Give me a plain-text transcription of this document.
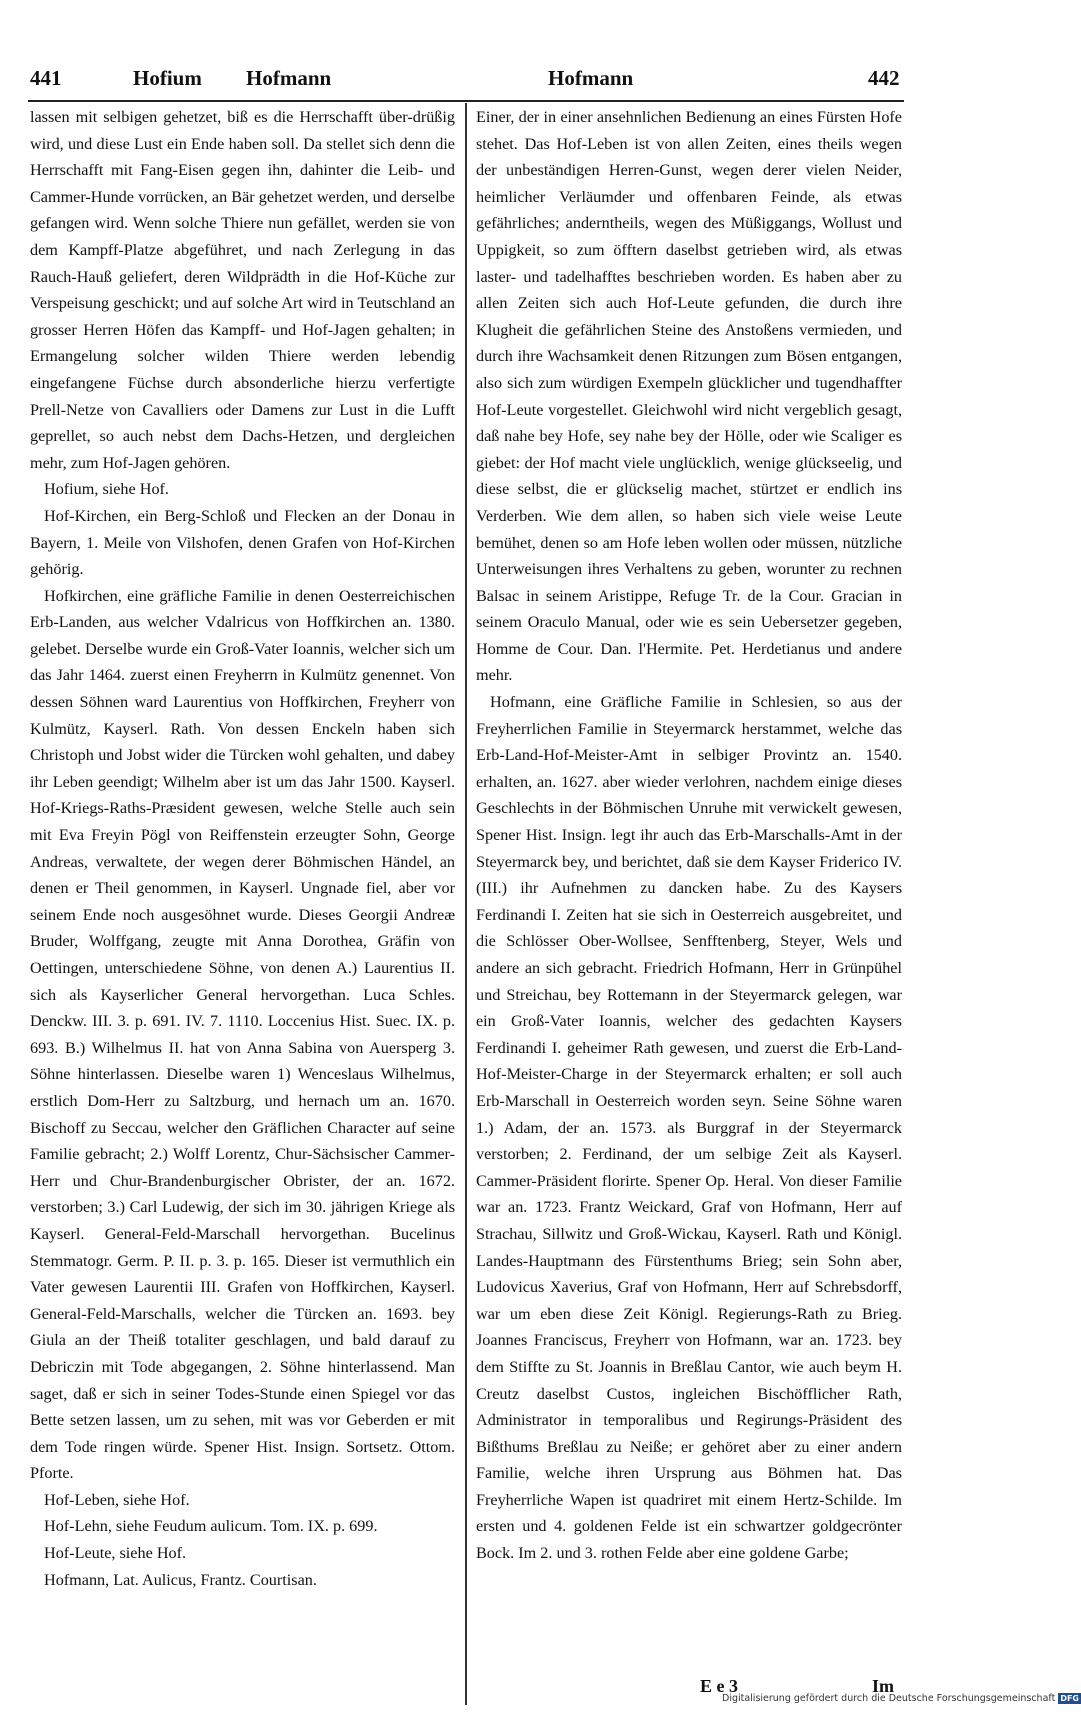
441	Hofium Hofmann	Hofmann	442

lassen mit selbigen gehetzet, biß es die Herrschafft über-drüßig wird, und diese Lust ein Ende haben soll. Da stellet sich denn die Herrschafft mit Fang-Eisen gegen ihn, dahinter die Leib- und Cammer-Hunde vorrücken, an Bär gehetzet werden, und derselbe gefangen wird. Wenn solche Thiere nun gefället, werden sie von dem Kampff-Platze abgeführet, und nach Zerlegung in das Rauch-Hauß geliefert, deren Wildprädth in die Hof-Küche zur Verspeisung geschickt; und auf solche Art wird in Teutschland an grosser Herren Höfen das Kampff- und Hof-Jagen gehalten; in Ermangelung solcher wilden Thiere werden lebendig eingefangene Füchse durch absonderliche hierzu verfertigte Prell-Netze von Cavalliers oder Damens zur Lust in die Lufft geprellet, so auch nebst dem Dachs-Hetzen, und dergleichen mehr, zum Hof-Jagen gehören.

Hofium, siehe Hof.

Hof-Kirchen, ein Berg-Schloß und Flecken an der Donau in Bayern, 1. Meile von Vilshofen, denen Grafen von Hof-Kirchen gehörig.

Hofkirchen, eine gräfliche Familie in denen Oesterreichischen Erb-Landen, aus welcher Vdalricus von Hoffkirchen an. 1380. gelebet. Derselbe wurde ein Groß-Vater Ioannis, welcher sich um das Jahr 1464. zuerst einen Freyherrn in Kulmütz genennet. Von dessen Söhnen ward Laurentius von Hoffkirchen, Freyherr von Kulmütz, Kayserl. Rath. Von dessen Enckeln haben sich Christoph und Jobst wider die Türcken wohl gehalten, und dabey ihr Leben geendigt; Wilhelm aber ist um das Jahr 1500. Kayserl. Hof-Kriegs-Raths-Præsident gewesen, welche Stelle auch sein mit Eva Freyin Pögl von Reiffenstein erzeugter Sohn, George Andreas, verwaltete, der wegen derer Böhmischen Händel, an denen er Theil genommen, in Kayserl. Ungnade fiel, aber vor seinem Ende noch ausgesöhnet wurde. Dieses Georgii Andreæ Bruder, Wolffgang, zeugte mit Anna Dorothea, Gräfin von Oettingen, unterschiedene Söhne, von denen A.) Laurentius II. sich als Kayserlicher General hervorgethan. Luca Schles. Denckw. III. 3. p. 691. IV. 7. 1110. Loccenius Hist. Suec. IX. p. 693. B.) Wilhelmus II. hat von Anna Sabina von Auersperg 3. Söhne hinterlassen. Dieselbe waren 1) Wenceslaus Wilhelmus, erstlich Dom-Herr zu Saltzburg, und hernach um an. 1670. Bischoff zu Seccau, welcher den Gräflichen Character auf seine Familie gebracht; 2.) Wolff Lorentz, Chur-Sächsischer Cammer-Herr und Chur-Brandenburgischer Obrister, der an. 1672. verstorben; 3.) Carl Ludewig, der sich im 30. jährigen Kriege als Kayserl. General-Feld-Marschall hervorgethan. Bucelinus Stemmatogr. Germ. P. II. p. 3. p. 165. Dieser ist vermuthlich ein Vater gewesen Laurentii III. Grafen von Hoffkirchen, Kayserl. General-Feld-Marschalls, welcher die Türcken an. 1693. bey Giula an der Theiß totaliter geschlagen, und bald darauf zu Debriczin mit Tode abgegangen, 2. Söhne hinterlassend. Man saget, daß er sich in seiner Todes-Stunde einen Spiegel vor das Bette setzen lassen, um zu sehen, mit was vor Geberden er mit dem Tode ringen würde. Spener Hist. Insign. Sortsetz. Ottom. Pforte.

Hof-Leben, siehe Hof.

Hof-Lehn, siehe Feudum aulicum. Tom. IX. p. 699.

Hof-Leute, siehe Hof.

Hofmann, Lat. Aulicus, Frantz. Courtisan.

Einer, der in einer ansehnlichen Bedienung an eines Fürsten Hofe stehet. Das Hof-Leben ist von allen Zeiten, eines theils wegen der unbeständigen Herren-Gunst, wegen derer vielen Neider, heimlicher Verläumder und offenbaren Feinde, als etwas gefährliches; anderntheils, wegen des Müßiggangs, Wollust und Uppigkeit, so zum öfftern daselbst getrieben wird, als etwas laster- und tadelhafftes beschrieben worden. Es haben aber zu allen Zeiten sich auch Hof-Leute gefunden, die durch ihre Klugheit die gefährlichen Steine des Anstoßens vermieden, und durch ihre Wachsamkeit denen Ritzungen zum Bösen entgangen, also sich zum würdigen Exempeln glücklicher und tugendhaffter Hof-Leute vorgestellet. Gleichwohl wird nicht vergeblich gesagt, daß nahe bey Hofe, sey nahe bey der Hölle, oder wie Scaliger es giebet: der Hof macht viele unglücklich, wenige glückseelig, und diese selbst, die er glückselig machet, stürtzet er endlich ins Verderben. Wie dem allen, so haben sich viele weise Leute bemühet, denen so am Hofe leben wollen oder müssen, nützliche Unterweisungen ihres Verhaltens zu geben, worunter zu rechnen Balsac in seinem Aristippe, Refuge Tr. de la Cour. Gracian in seinem Oraculo Manual, oder wie es sein Uebersetzer gegeben, Homme de Cour. Dan. l'Hermite. Pet. Herdetianus und andere mehr.

Hofmann, eine Gräfliche Familie in Schlesien, so aus der Freyherrlichen Familie in Steyermarck herstammet, welche das Erb-Land-Hof-Meister-Amt in selbiger Provintz an. 1540. erhalten, an. 1627. aber wieder verlohren, nachdem einige dieses Geschlechts in der Böhmischen Unruhe mit verwickelt gewesen, Spener Hist. Insign. legt ihr auch das Erb-Marschalls-Amt in der Steyermarck bey, und berichtet, daß sie dem Kayser Friderico IV. (III.) ihr Aufnehmen zu dancken habe. Zu des Kaysers Ferdinandi I. Zeiten hat sie sich in Oesterreich ausgebreitet, und die Schlösser Ober-Wollsee, Senfftenberg, Steyer, Wels und andere an sich gebracht. Friedrich Hofmann, Herr in Grünpühel und Streichau, bey Rottemann in der Steyermarck gelegen, war ein Groß-Vater Ioannis, welcher des gedachten Kaysers Ferdinandi I. geheimer Rath gewesen, und zuerst die Erb-Land-Hof-Meister-Charge in der Steyermarck erhalten; er soll auch Erb-Marschall in Oesterreich worden seyn. Seine Söhne waren 1.) Adam, der an. 1573. als Burggraf in der Steyermarck verstorben; 2. Ferdinand, der um selbige Zeit als Kayserl. Cammer-Präsident florirte. Spener Op. Heral. Von dieser Familie war an. 1723. Frantz Weickard, Graf von Hofmann, Herr auf Strachau, Sillwitz und Groß-Wickau, Kayserl. Rath und Königl. Landes-Hauptmann des Fürstenthums Brieg; sein Sohn aber, Ludovicus Xaverius, Graf von Hofmann, Herr auf Schrebsdorff, war um eben diese Zeit Königl. Regierungs-Rath zu Brieg. Joannes Franciscus, Freyherr von Hofmann, war an. 1723. bey dem Stiffte zu St. Joannis in Breßlau Cantor, wie auch beym H. Creutz daselbst Custos, ingleichen Bischöfflicher Rath, Administrator in temporalibus und Regirungs-Präsident des Bißthums Breßlau zu Neiße; er gehöret aber zu einer andern Familie, welche ihren Ursprung aus Böhmen hat. Das Freyherrliche Wapen ist quadriret mit einem Hertz-Schilde. Im ersten und 4. goldenen Felde ist ein schwartzer goldgecrönter Bock. Im 2. und 3. rothen Felde aber eine goldene Garbe;

E e 3	Im
Digitalisierung gefördert durch die Deutsche Forschungsgemeinschaft DFG
